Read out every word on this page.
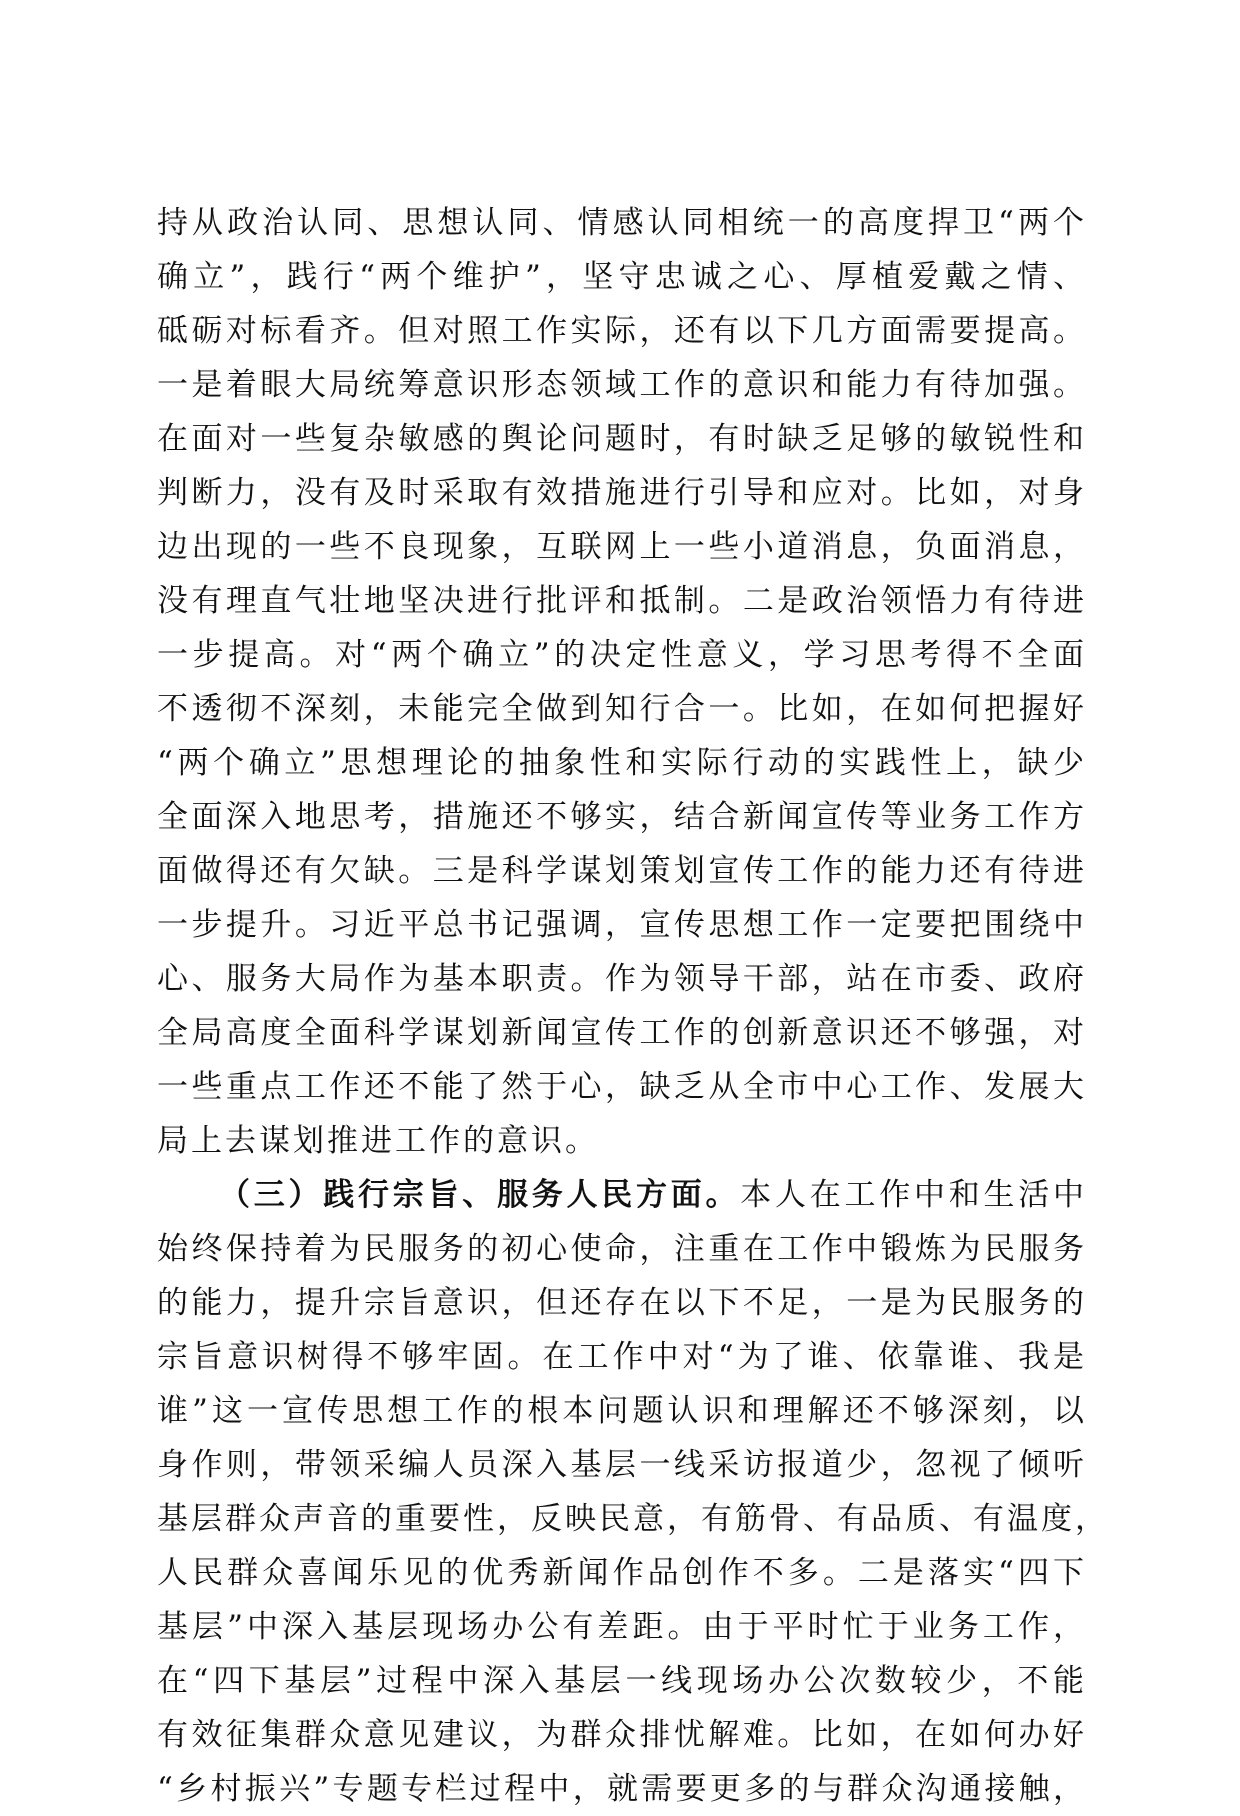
持从政治认同、思想认同、情感认同相统一的高度捍卫“两个
确立”，践行“两个维护”，坚守忠诚之心、厚植爱戴之情、
砥砺对标看齐。但对照工作实际，还有以下几方面需要提高。
一是着眼大局统筹意识形态领域工作的意识和能力有待加强。
在面对一些复杂敏感的舆论问题时，有时缺乏足够的敏锐性和
判断力，没有及时采取有效措施进行引导和应对。比如，对身
边出现的一些不良现象，互联网上一些小道消息，负面消息，
没有理直气壮地坚决进行批评和抵制。二是政治领悟力有待进
一步提高。对“两个确立”的决定性意义，学习思考得不全面
不透彻不深刻，未能完全做到知行合一。比如，在如何把握好
“两个确立”思想理论的抽象性和实际行动的实践性上，缺少
全面深入地思考，措施还不够实，结合新闻宣传等业务工作方
面做得还有欠缺。三是科学谋划策划宣传工作的能力还有待进
一步提升。习近平总书记强调，宣传思想工作一定要把围绕中
心、服务大局作为基本职责。作为领导干部，站在市委、政府
全局高度全面科学谋划新闻宣传工作的创新意识还不够强，对
一些重点工作还不能了然于心，缺乏从全市中心工作、发展大
局上去谋划推进工作的意识。
（三）践行宗旨、服务人民方面。本人在工作中和生活中
始终保持着为民服务的初心使命，注重在工作中锻炼为民服务
的能力，提升宗旨意识，但还存在以下不足，一是为民服务的
宗旨意识树得不够牢固。在工作中对“为了谁、依靠谁、我是
谁”这一宣传思想工作的根本问题认识和理解还不够深刻，以
身作则，带领采编人员深入基层一线采访报道少，忽视了倾听
基层群众声音的重要性，反映民意，有筋骨、有品质、有温度，
人民群众喜闻乐见的优秀新闻作品创作不多。二是落实“四下
基层”中深入基层现场办公有差距。由于平时忙于业务工作，
在“四下基层”过程中深入基层一线现场办公次数较少，不能
有效征集群众意见建议，为群众排忧解难。比如，在如何办好
“乡村振兴”专题专栏过程中，就需要更多的与群众沟通接触，
